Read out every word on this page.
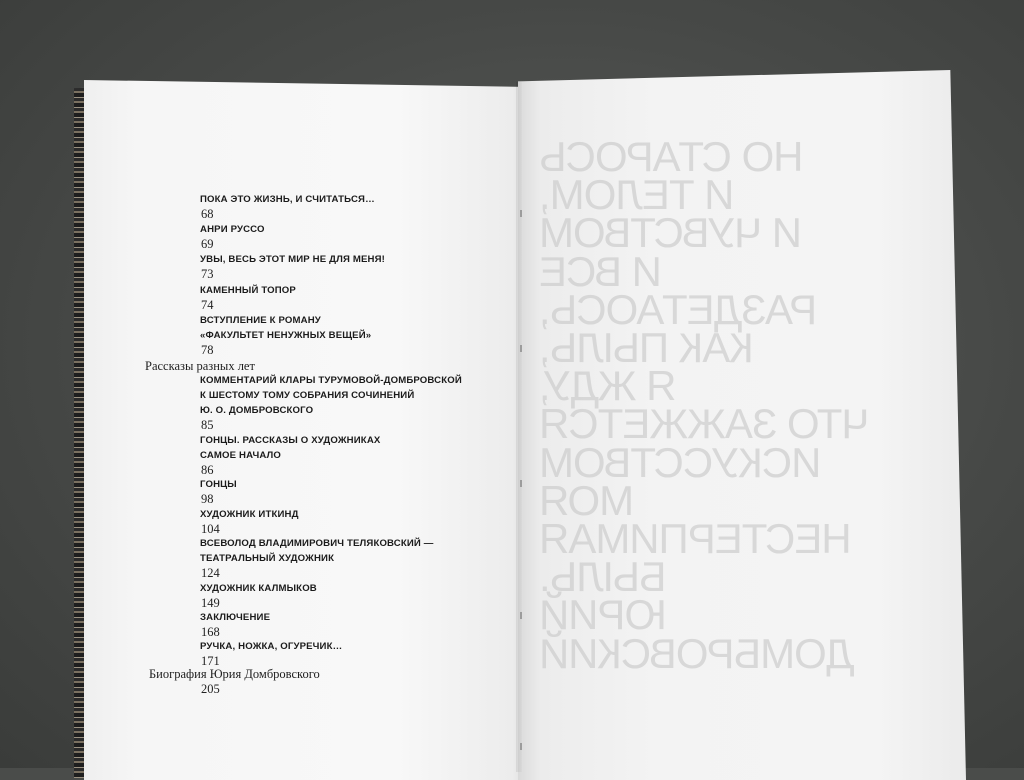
НО СТАРОСЬ
И ТЕЛОМ,
И ЧУВСТВОМ
И ВСЕ
РАЗДЕТАОСЬ,
КАК ПЫЛЬ,
Я ЖДУ,
ЧТО ЗАЖЖЕТСЯ
ИСКУССТВОМ
МОЯ
НЕСТЕРПИМАЯ
БЫЛЬ.
ЮРИЙ
ДОМБРОВСКИЙ
ПОКА ЭТО ЖИЗНЬ, И СЧИТАТЬСЯ…
68
АНРИ РУССО
69
УВЫ, ВЕСЬ ЭТОТ МИР НЕ ДЛЯ МЕНЯ!
73
КАМЕННЫЙ ТОПОР
74
ВСТУПЛЕНИЕ К РОМАНУ
«ФАКУЛЬТЕТ НЕНУЖНЫХ ВЕЩЕЙ»
78
Рассказы разных лет
КОММЕНТАРИЙ КЛАРЫ ТУРУМОВОЙ-ДОМБРОВСКОЙ
К ШЕСТОМУ ТОМУ СОБРАНИЯ СОЧИНЕНИЙ
Ю. О. ДОМБРОВСКОГО
85
ГОНЦЫ. РАССКАЗЫ О ХУДОЖНИКАХ
САМОЕ НАЧАЛО
86
ГОНЦЫ
98
ХУДОЖНИК ИТКИНД
104
ВСЕВОЛОД ВЛАДИМИРОВИЧ ТЕЛЯКОВСКИЙ —
ТЕАТРАЛЬНЫЙ ХУДОЖНИК
124
ХУДОЖНИК КАЛМЫКОВ
149
ЗАКЛЮЧЕНИЕ
168
РУЧКА, НОЖКА, ОГУРЕЧИК…
171
Биография Юрия Домбровского
205
